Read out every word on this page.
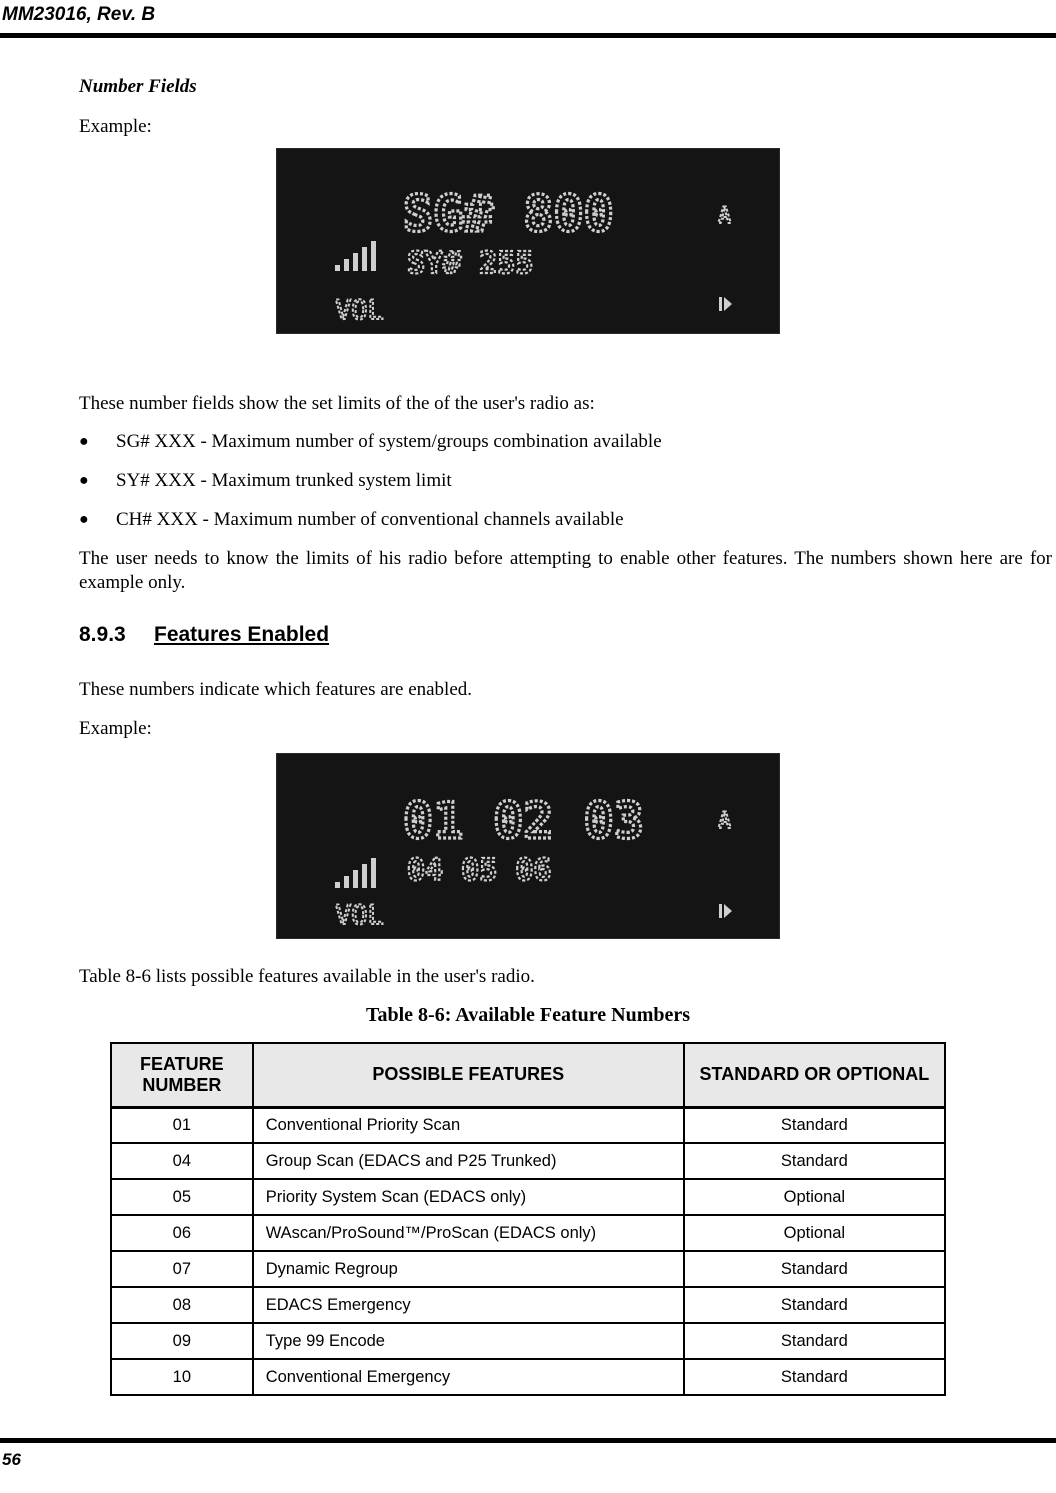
MM23016, Rev. B
Number Fields
Example:
SG# 800
SY# 255
VOL
A
These number fields show the set limits of the of the user's radio as:
● SG# XXX - Maximum number of system/groups combination available
● SY# XXX - Maximum trunked system limit
● CH# XXX - Maximum number of conventional channels available
The user needs to know the limits of his radio before attempting to enable other features. The numbers shown here are for example only.
8.9.3 Features Enabled
These numbers indicate which features are enabled.
Example:
01 02 03
04 05 06
VOL
A
Table 8-6 lists possible features available in the user's radio.
Table 8-6: Available Feature Numbers
FEATURE NUMBER	POSSIBLE FEATURES	STANDARD OR OPTIONAL
01	Conventional Priority Scan	Standard
04	Group Scan (EDACS and P25 Trunked)	Standard
05	Priority System Scan (EDACS only)	Optional
06	WAscan/ProSound™/ProScan (EDACS only)	Optional
07	Dynamic Regroup	Standard
08	EDACS Emergency	Standard
09	Type 99 Encode	Standard
10	Conventional Emergency	Standard
56
